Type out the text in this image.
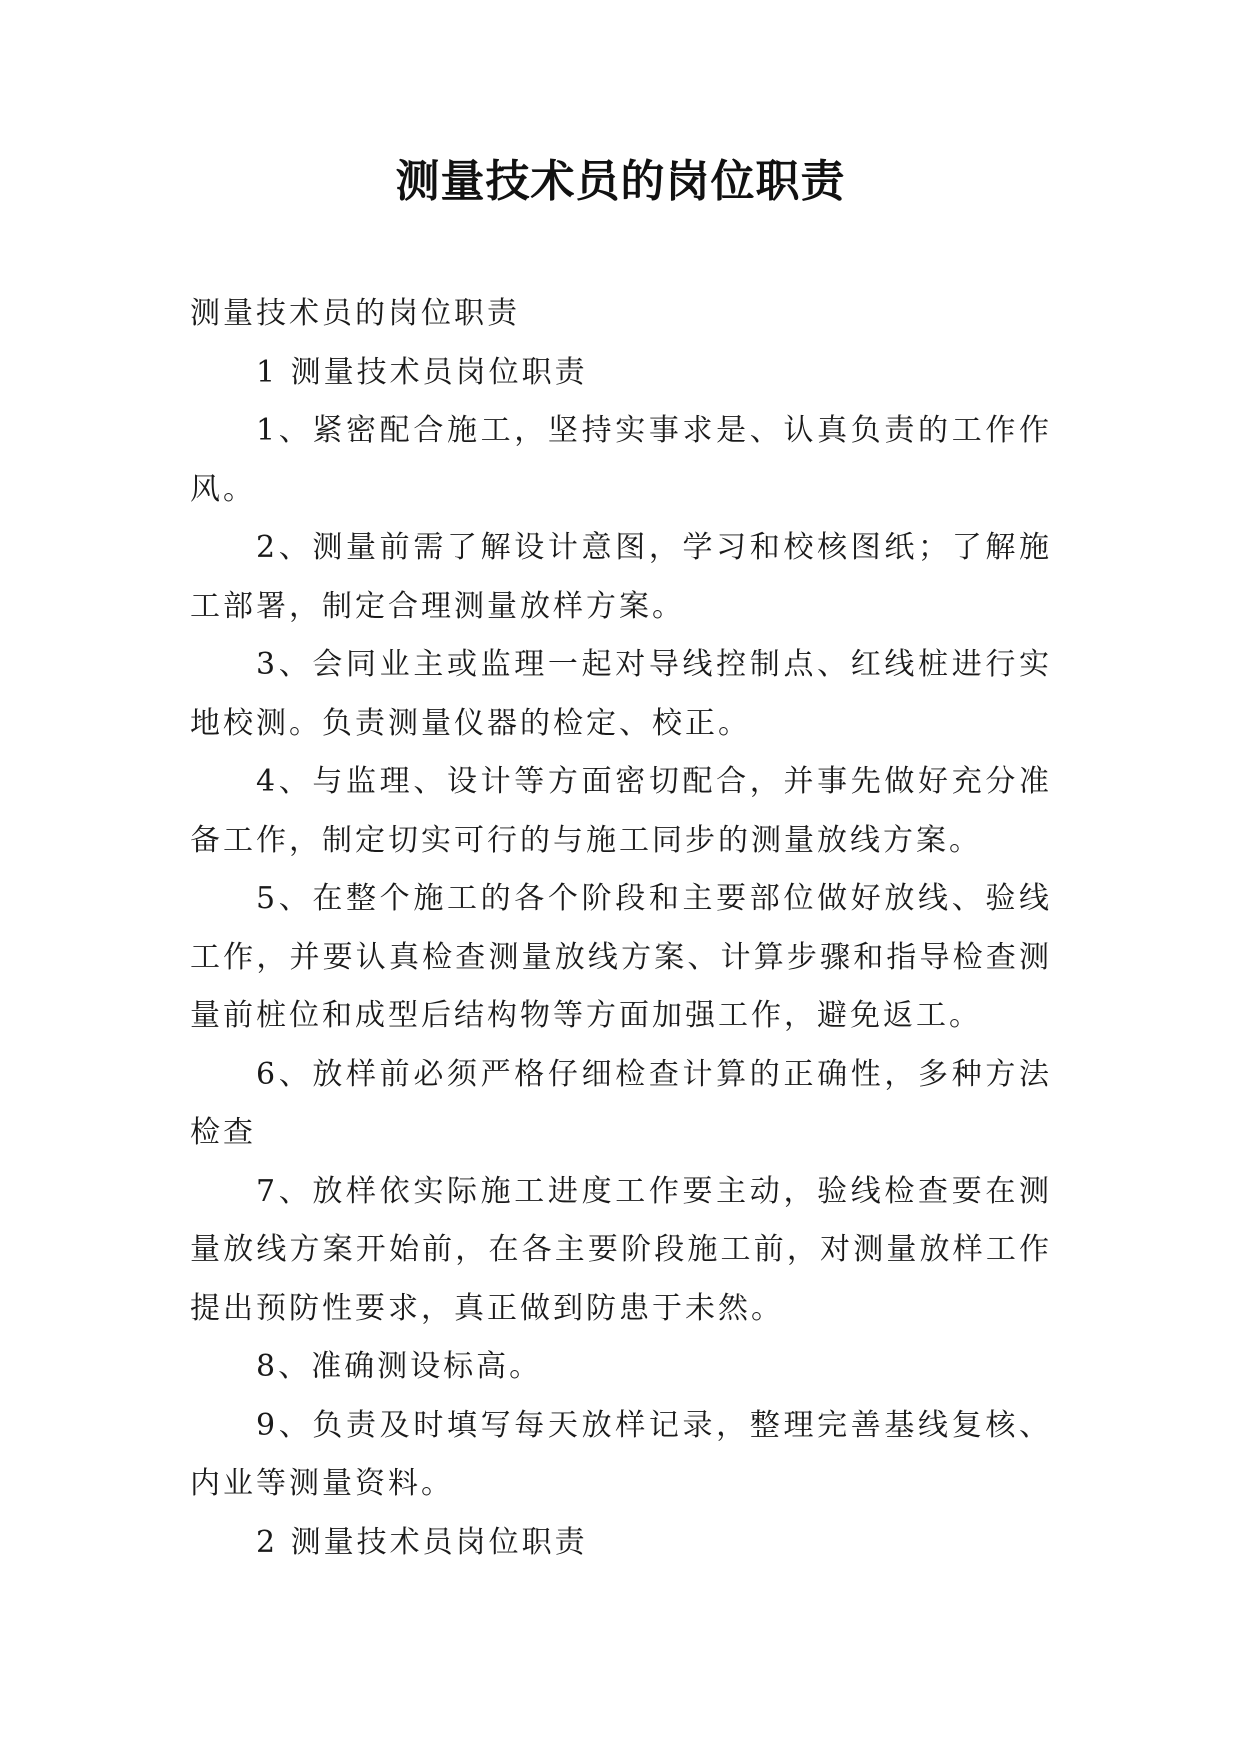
测量技术员的岗位职责

测量技术员的岗位职责

1 测量技术员岗位职责

1、紧密配合施工，坚持实事求是、认真负责的工作作风。

2、测量前需了解设计意图，学习和校核图纸；了解施工部署，制定合理测量放样方案。

3、会同业主或监理一起对导线控制点、红线桩进行实地校测。负责测量仪器的检定、校正。

4、与监理、设计等方面密切配合，并事先做好充分准备工作，制定切实可行的与施工同步的测量放线方案。

5、在整个施工的各个阶段和主要部位做好放线、验线工作，并要认真检查测量放线方案、计算步骤和指导检查测量前桩位和成型后结构物等方面加强工作，避免返工。

6、放样前必须严格仔细检查计算的正确性，多种方法检查

7、放样依实际施工进度工作要主动，验线检查要在测量放线方案开始前，在各主要阶段施工前，对测量放样工作提出预防性要求，真正做到防患于未然。

8、准确测设标高。

9、负责及时填写每天放样记录，整理完善基线复核、内业等测量资料。

2 测量技术员岗位职责
